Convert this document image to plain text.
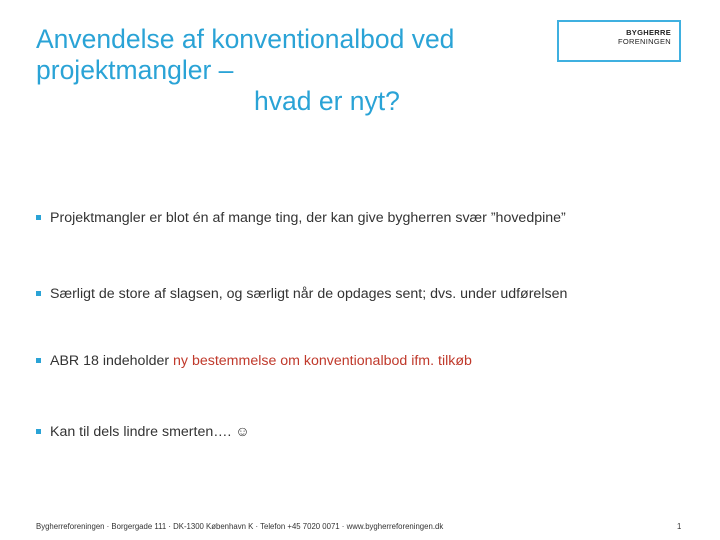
Anvendelse af konventionalbod ved
projektmangler –
hvad er nyt?
BYGHERRE
FORENINGEN
Projektmangler er blot én af mange ting, der kan give bygherren svær ”hovedpine”
Særligt de store af slagsen, og særligt når de opdages sent; dvs. under udførelsen
ABR 18 indeholder ny bestemmelse om konventionalbod ifm. tilkøb
Kan til dels lindre smerten…. ☺
Bygherreforeningen · Borgergade 111 · DK-1300 København K · Telefon +45 7020 0071 · www.bygherreforeningen.dk	1
